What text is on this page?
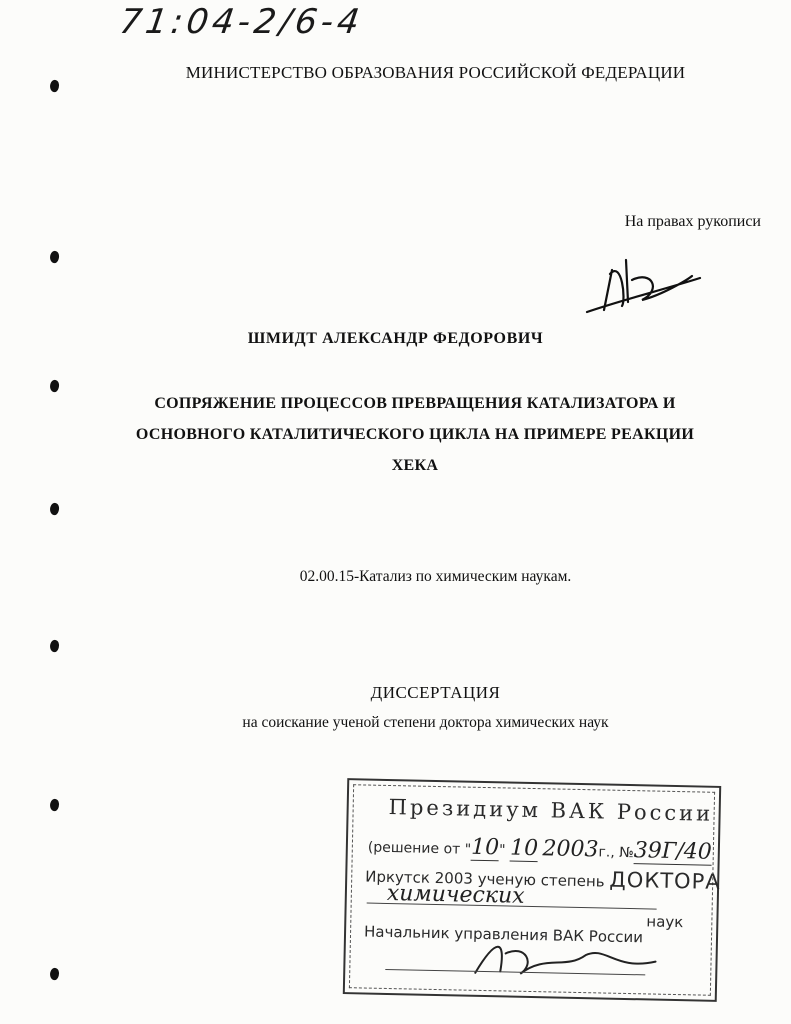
71:04-2/6-4
МИНИСТЕРСТВО ОБРАЗОВАНИЯ РОССИЙСКОЙ ФЕДЕРАЦИИ
На правах рукописи
ШМИДТ АЛЕКСАНДР ФЕДОРОВИЧ
СОПРЯЖЕНИЕ ПРОЦЕССОВ ПРЕВРАЩЕНИЯ КАТАЛИЗАТОРА И
ОСНОВНОГО КАТАЛИТИЧЕСКОГО ЦИКЛА НА ПРИМЕРЕ РЕАКЦИИ
ХЕКА
02.00.15-Катализ по химическим наукам.
ДИССЕРТАЦИЯ
на соискание ученой степени доктора химических наук
Президиум ВАК России
(решение от "10" 10 2003г., №39Г/40
Иркутск 2003 ученую степень ДОКТОРА
химических
наук
Начальник управления ВАК России
